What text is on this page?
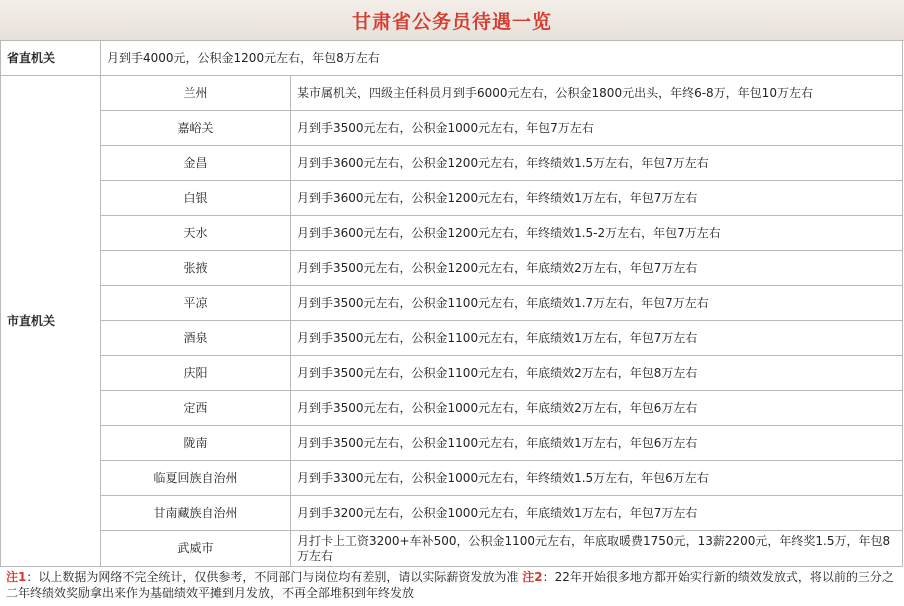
甘肃省公务员待遇一览
省直机关	月到手4000元，公积金1200元左右，年包8万左右	
市直机关	兰州	某市属机关，四级主任科员月到手6000元左右，公积金1800元出头，年终6-8万，年包10万左右
	嘉峪关	月到手3500元左右，公积金1000元左右，年包7万左右
	金昌	月到手3600元左右，公积金1200元左右，年终绩效1.5万左右，年包7万左右
	白银	月到手3600元左右，公积金1200元左右，年终绩效1万左右，年包7万左右
	天水	月到手3600元左右，公积金1200元左右，年终绩效1.5-2万左右，年包7万左右
	张掖	月到手3500元左右，公积金1200元左右，年底绩效2万左右，年包7万左右
	平凉	月到手3500元左右，公积金1100元左右，年底绩效1.7万左右，年包7万左右
	酒泉	月到手3500元左右，公积金1100元左右，年底绩效1万左右，年包7万左右
	庆阳	月到手3500元左右，公积金1100元左右，年底绩效2万左右，年包8万左右
	定西	月到手3500元左右，公积金1000元左右，年底绩效2万左右，年包6万左右
	陇南	月到手3500元左右，公积金1100元左右，年底绩效1万左右，年包6万左右
	临夏回族自治州	月到手3300元左右，公积金1000元左右，年终绩效1.5万左右，年包6万左右
	甘南藏族自治州	月到手3200元左右，公积金1000元左右，年底绩效1万左右，年包7万左右
	武威市	月打卡上工资3200+车补500，公积金1100元左右，年底取暖费1750元，13薪2200元，年终奖1.5万，年包8万左右
注1：以上数据为网络不完全统计，仅供参考，不同部门与岗位均有差别，请以实际薪资发放为准 注2：22年开始很多地方都开始实行新的绩效发放式，将以前的三分之二年终绩效奖励拿出来作为基础绩效平摊到月发放，不再全部堆积到年终发放
